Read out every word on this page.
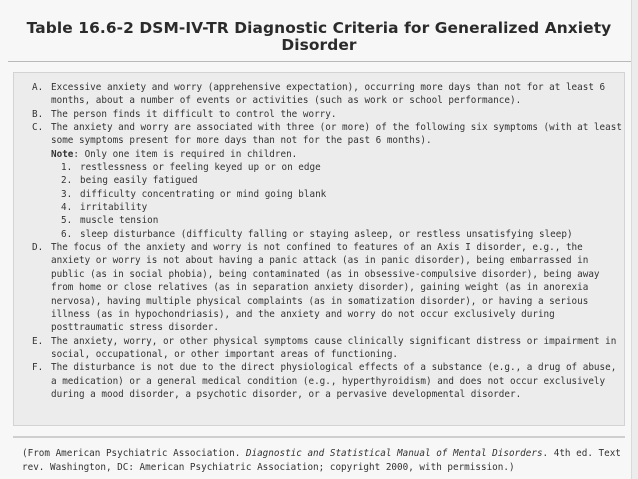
Table 16.6-2 DSM-IV-TR Diagnostic Criteria for Generalized Anxiety Disorder
A. Excessive anxiety and worry (apprehensive expectation), occurring more days than not for at least 6 months, about a number of events or activities (such as work or school performance).
B. The person finds it difficult to control the worry.
C. The anxiety and worry are associated with three (or more) of the following six symptoms (with at least some symptoms present for more days than not for the past 6 months).
Note: Only one item is required in children.
1. restlessness or feeling keyed up or on edge
2. being easily fatigued
3. difficulty concentrating or mind going blank
4. irritability
5. muscle tension
6. sleep disturbance (difficulty falling or staying asleep, or restless unsatisfying sleep)
D. The focus of the anxiety and worry is not confined to features of an Axis I disorder, e.g., the anxiety or worry is not about having a panic attack (as in panic disorder), being embarrassed in public (as in social phobia), being contaminated (as in obsessive-compulsive disorder), being away from home or close relatives (as in separation anxiety disorder), gaining weight (as in anorexia nervosa), having multiple physical complaints (as in somatization disorder), or having a serious illness (as in hypochondriasis), and the anxiety and worry do not occur exclusively during posttraumatic stress disorder.
E. The anxiety, worry, or other physical symptoms cause clinically significant distress or impairment in social, occupational, or other important areas of functioning.
F. The disturbance is not due to the direct physiological effects of a substance (e.g., a drug of abuse, a medication) or a general medical condition (e.g., hyperthyroidism) and does not occur exclusively during a mood disorder, a psychotic disorder, or a pervasive developmental disorder.
(From American Psychiatric Association. Diagnostic and Statistical Manual of Mental Disorders. 4th ed. Text rev. Washington, DC: American Psychiatric Association; copyright 2000, with permission.)
